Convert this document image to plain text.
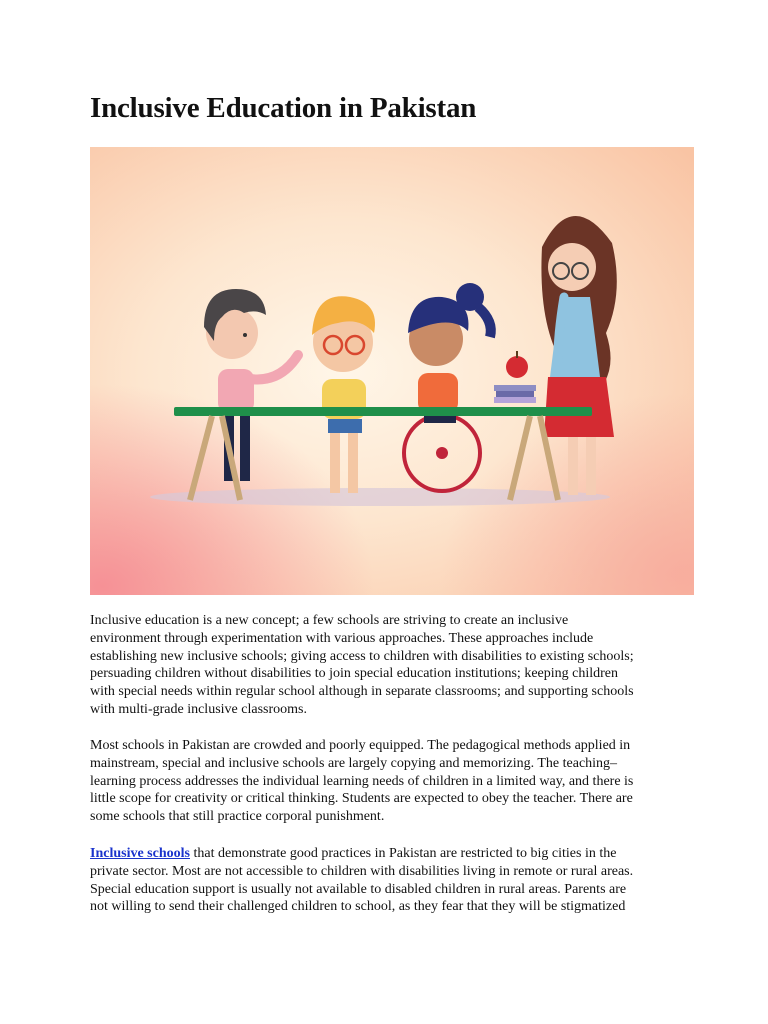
Inclusive Education in Pakistan

Inclusive education is a new concept; a few schools are striving to create an inclusive
environment through experimentation with various approaches. These approaches include
establishing new inclusive schools; giving access to children with disabilities to existing schools;
persuading children without disabilities to join special education institutions; keeping children
with special needs within regular school although in separate classrooms; and supporting schools
with multi-grade inclusive classrooms.

Most schools in Pakistan are crowded and poorly equipped. The pedagogical methods applied in
mainstream, special and inclusive schools are largely copying and memorizing. The teaching–
learning process addresses the individual learning needs of children in a limited way, and there is
little scope for creativity or critical thinking. Students are expected to obey the teacher. There are
some schools that still practice corporal punishment.

Inclusive schools that demonstrate good practices in Pakistan are restricted to big cities in the
private sector. Most are not accessible to children with disabilities living in remote or rural areas.
Special education support is usually not available to disabled children in rural areas. Parents are
not willing to send their challenged children to school, as they fear that they will be stigmatized
